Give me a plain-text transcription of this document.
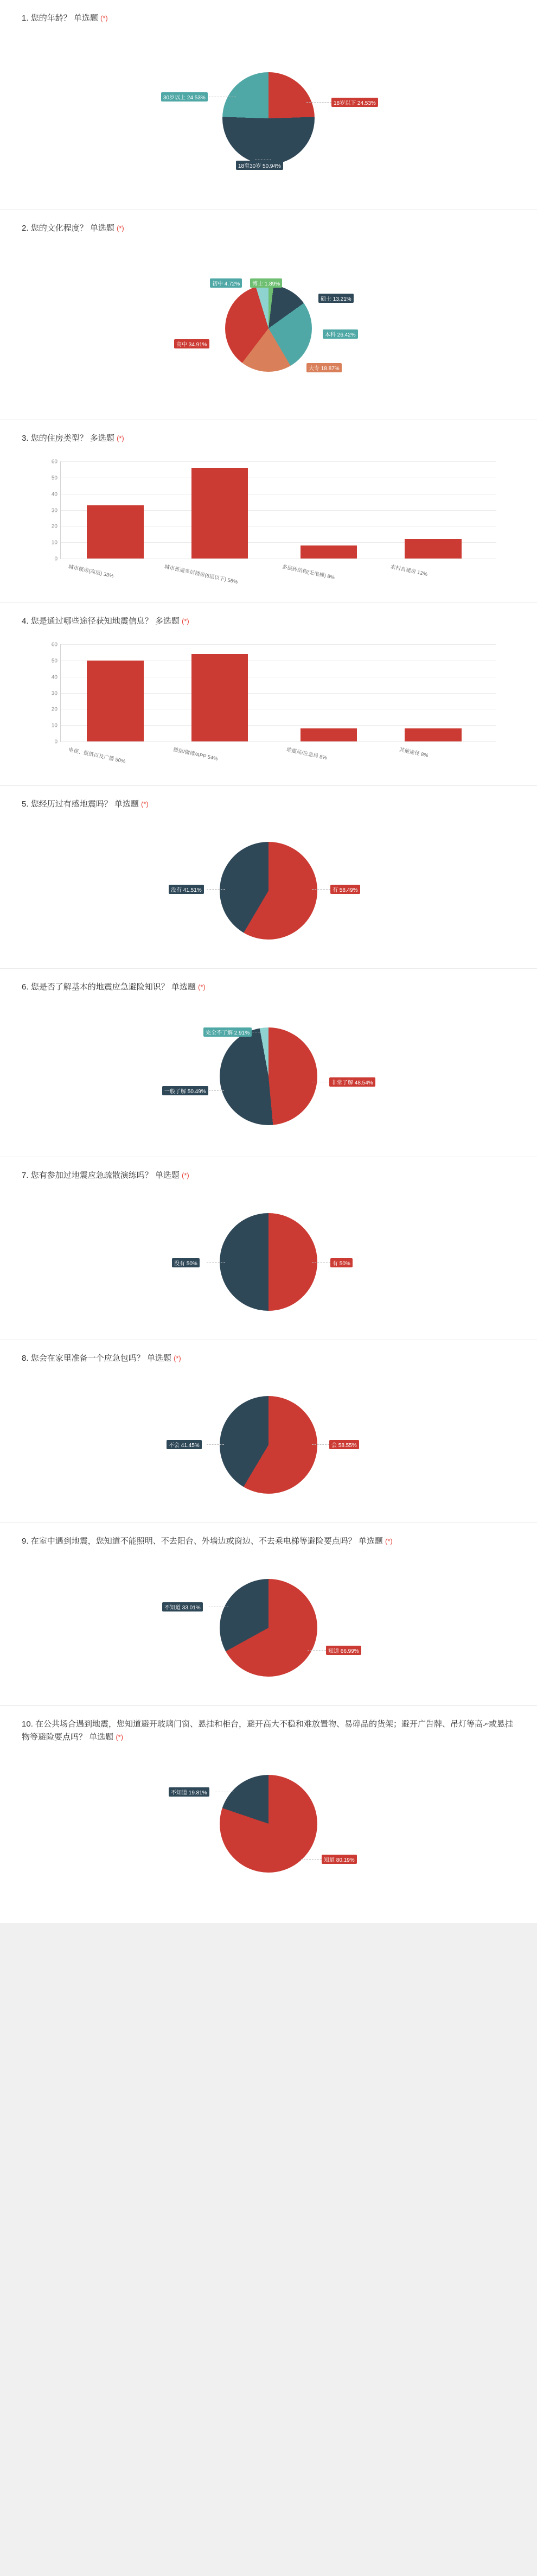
1. 您的年龄？ 单选题 (*)
18岁以下 24.53%
18至30岁 50.94%
30岁以上 24.53%
2. 您的文化程度？ 单选题 (*)
博士 1.89%
硕士 13.21%
本科 26.42%
大专 18.87%
高中 34.91%
初中 4.72%
3. 您的住房类型？ 多选题 (*)
60
50
40
30
20
10
0
城市楼房(高层) 33%	城市普通多层楼房(6层以下) 56%	多层砖结构(无电梯) 8%	农村自建房 12%
4. 您是通过哪些途径获知地震信息？ 多选题 (*)
60
50
40
30
20
10
0
电视、报纸以及广播 50%	微信/微博/APP 54%	地震局/应急局 8%	其他途径 8%
5. 您经历过有感地震吗？ 单选题 (*)
有 58.49%
没有 41.51%
6. 您是否了解基本的地震应急避险知识？ 单选题 (*)
非常了解 48.54%
一般了解 50.49%
完全不了解 2.91%
7. 您有参加过地震应急疏散演练吗？ 单选题 (*)
有 50%
没有 50%
8. 您会在家里准备一个应急包吗？ 单选题 (*)
会 58.55%
不会 41.45%
9. 在室中遇到地震，您知道不能照明、不去阳台、外墙边或窗边、不去乘电梯等避险要点吗？ 单选题 (*)
知道 66.99%
不知道 33.01%
10. 在公共场合遇到地震，您知道避开玻璃门窗、悬挂和柜台，避开高大不稳和难放置物、易碎品的货架；避开广告牌、吊灯等高ނ或悬挂物等避险要点吗？ 单选题 (*)
知道 80.19%
不知道 19.81%
